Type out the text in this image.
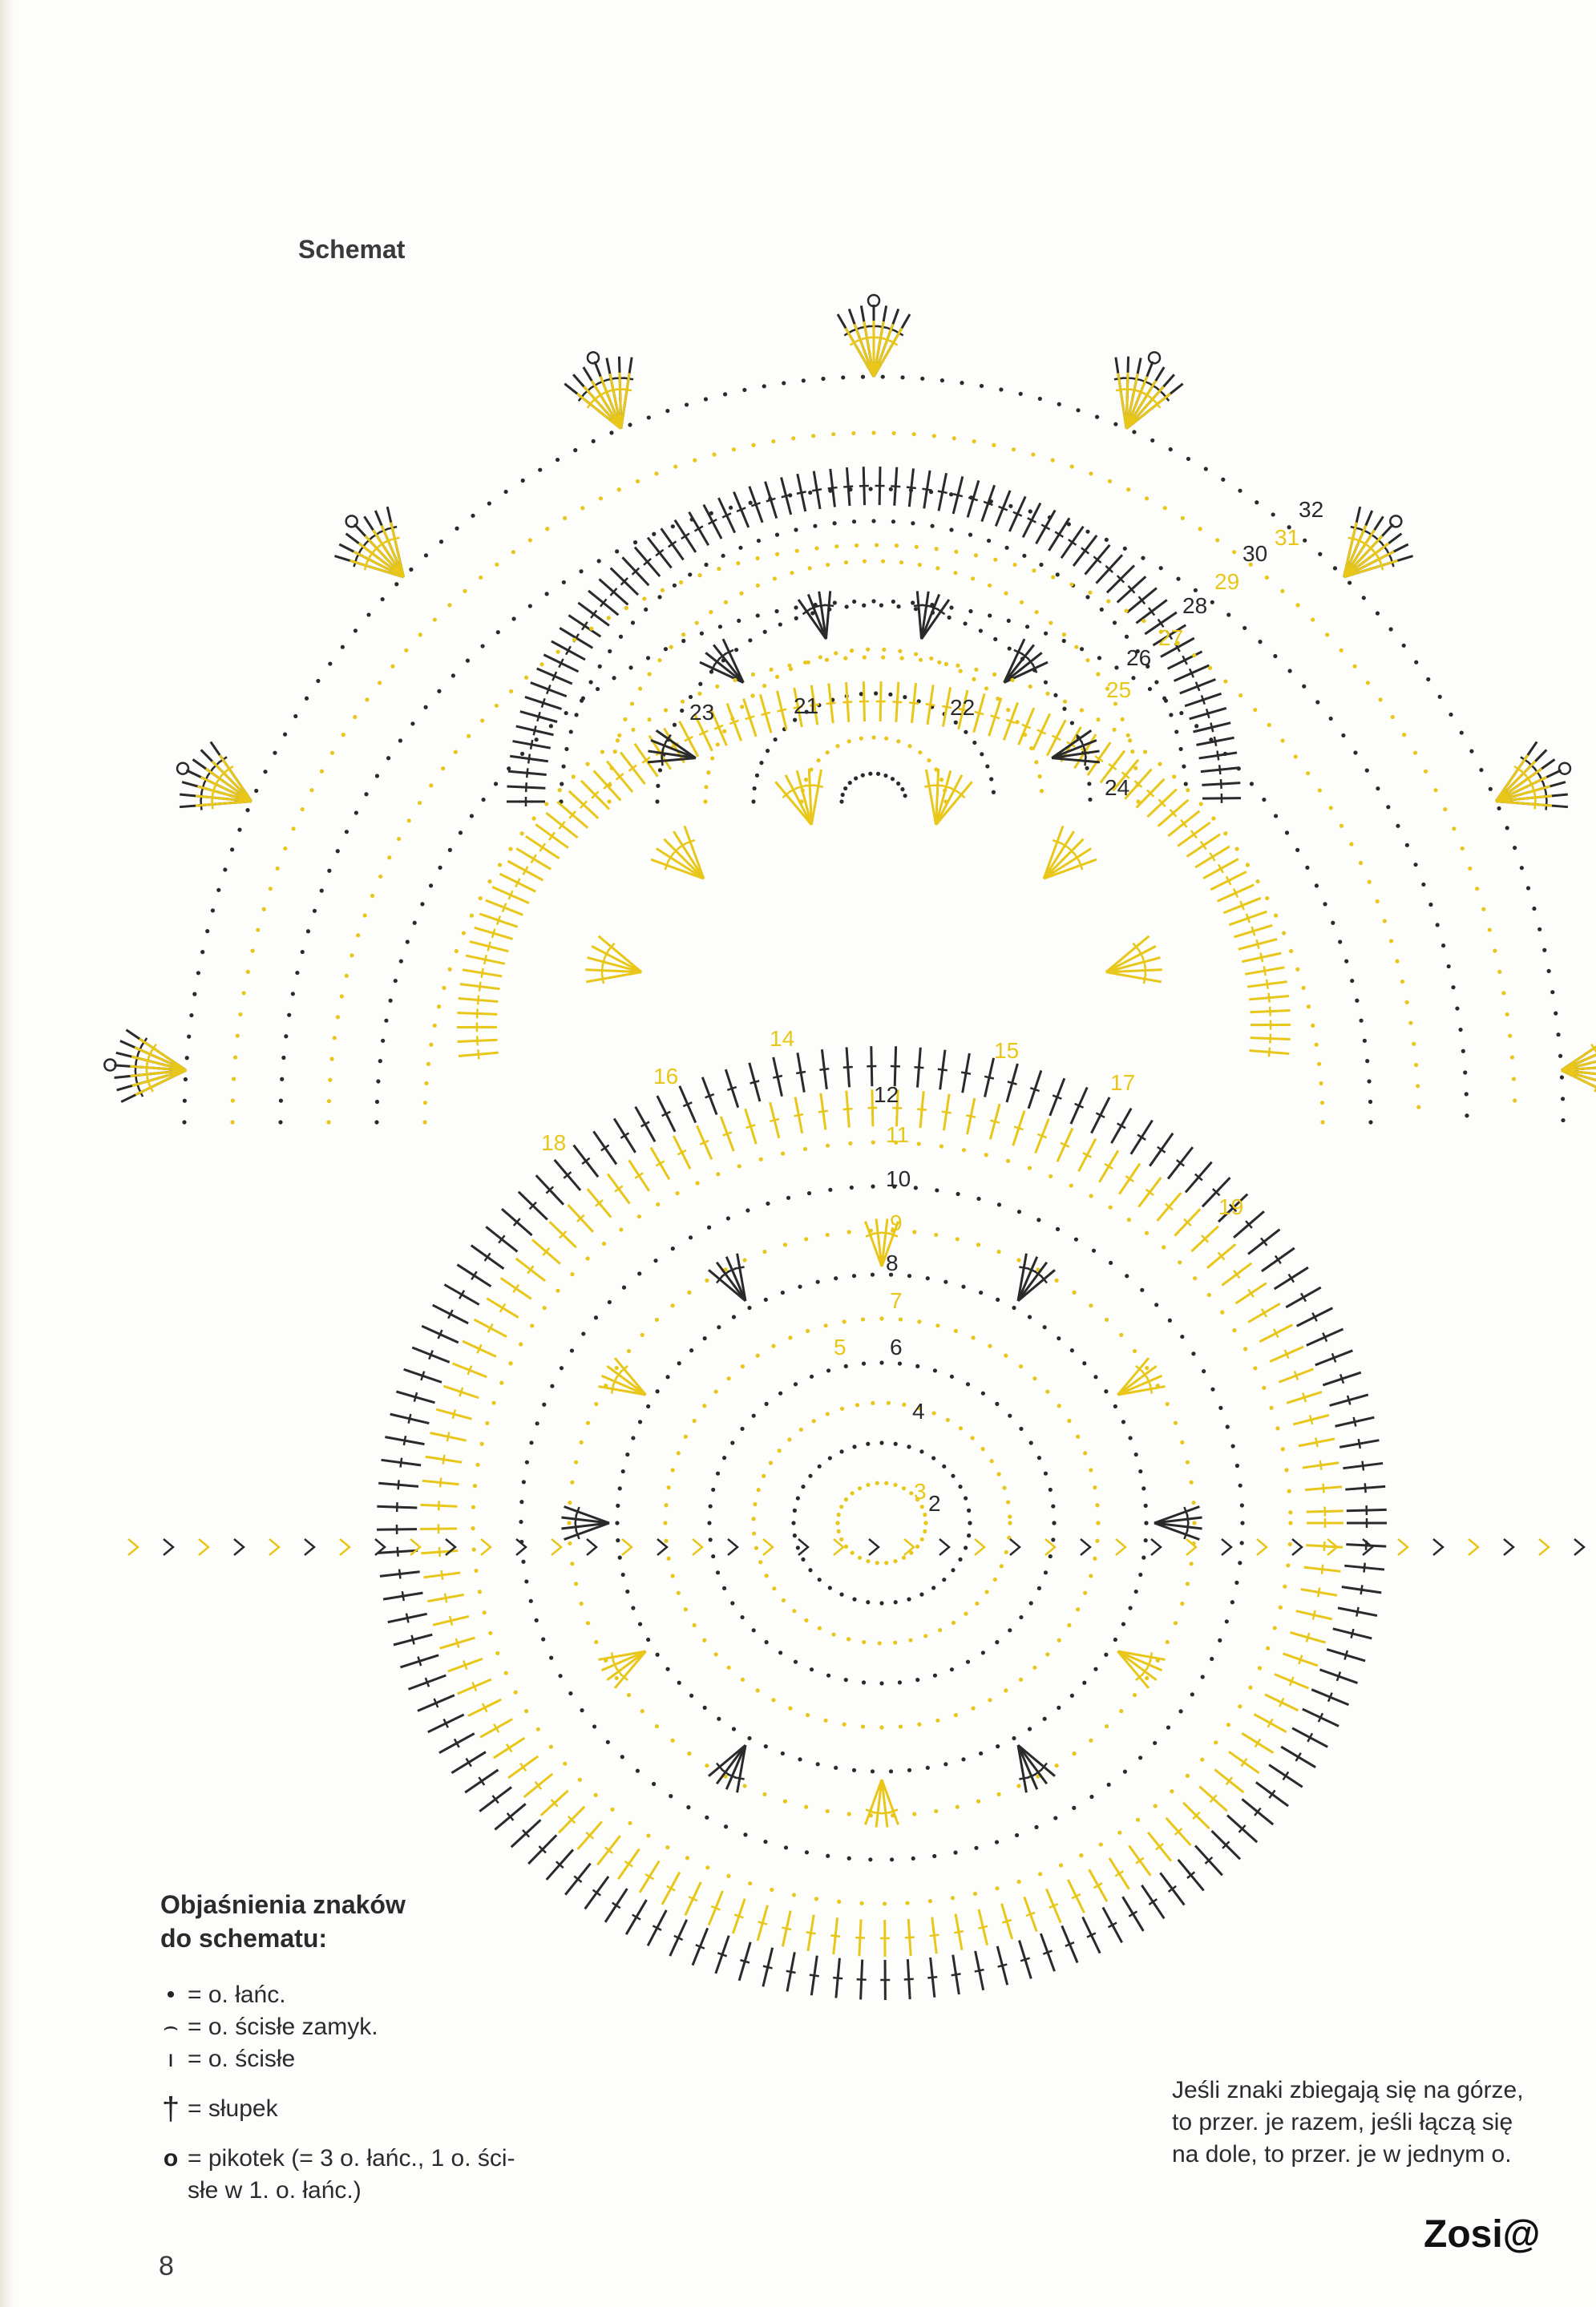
2
3
4
5 6
7
8
9
10
11
12
14	15
16	17
18
19
21	22
23
24
25
26
27
28
29
30
31
32
Schemat
Objaśnienia znaków
do schematu:
• = o. łańc.
⌢ = o. ścisłe zamyk.
ı = o. ścisłe
† = słupek
o = pikotek (= 3 o. łańc., 1 o. ści-
słe w 1. o. łańc.)
Jeśli znaki zbiegają się na górze,
to przer. je razem, jeśli łączą się
na dole, to przer. je w jednym o.
8
Zosi@
